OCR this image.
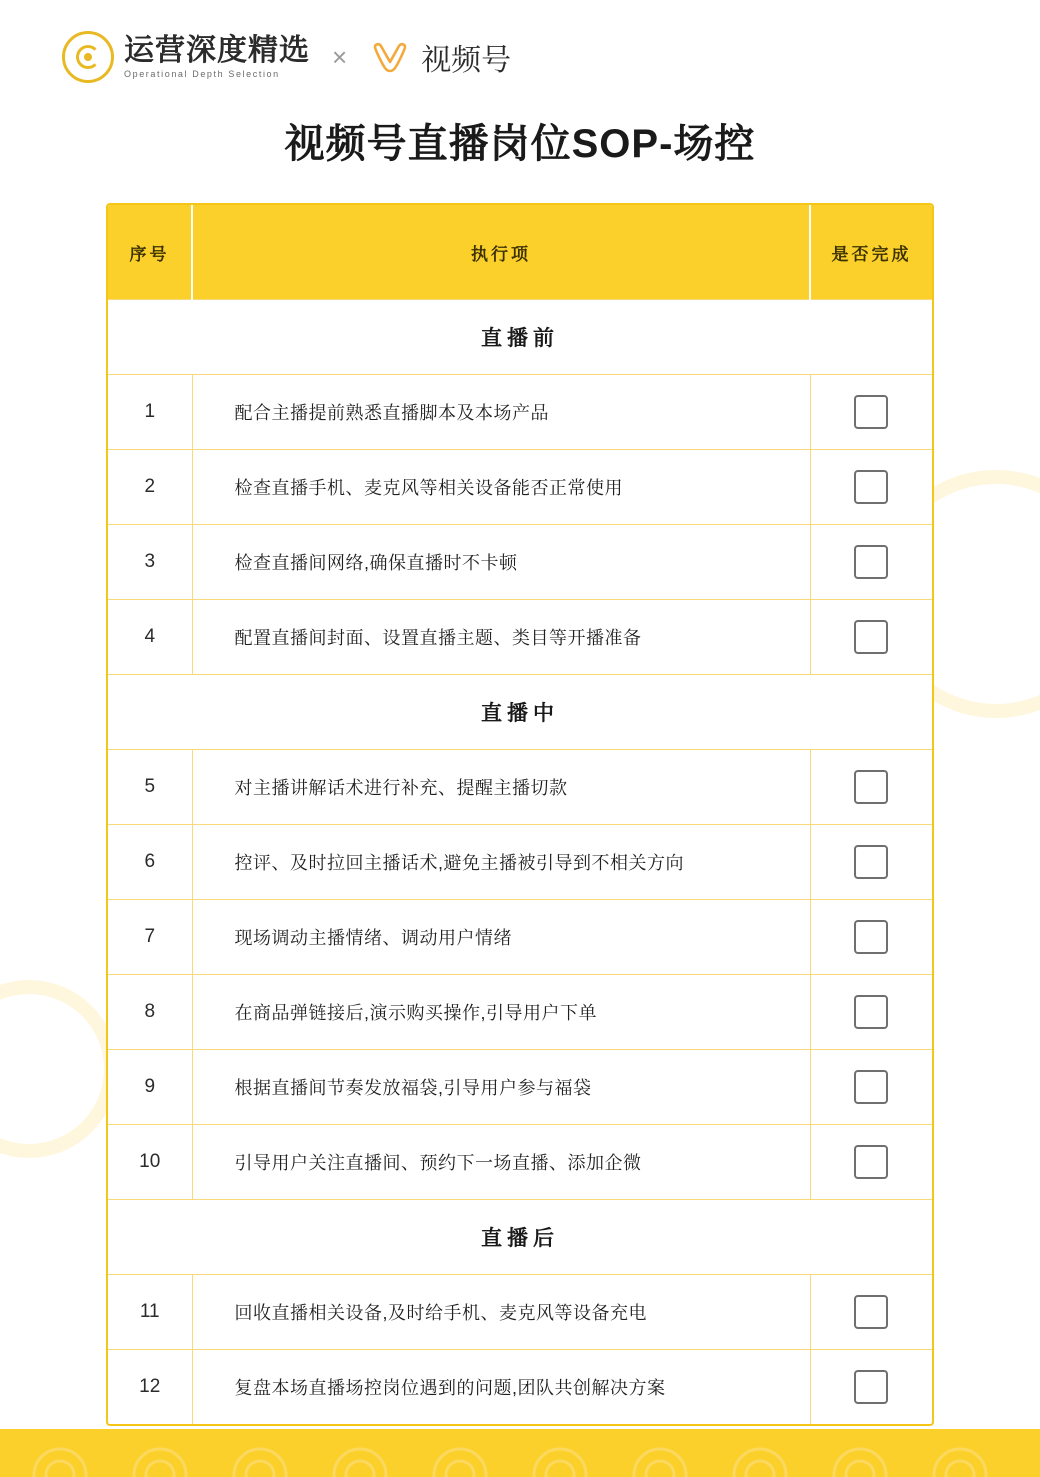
运营深度精选
Operational Depth Selection
× 视频号
视频号直播岗位SOP-场控
序号	执行项	是否完成
直播前		
1	配合主播提前熟悉直播脚本及本场产品	
2	检查直播手机、麦克风等相关设备能否正常使用	
3	检查直播间网络,确保直播时不卡顿	
4	配置直播间封面、设置直播主题、类目等开播准备	
直播中		
5	对主播讲解话术进行补充、提醒主播切款	
6	控评、及时拉回主播话术,避免主播被引导到不相关方向	
7	现场调动主播情绪、调动用户情绪	
8	在商品弹链接后,演示购买操作,引导用户下单	
9	根据直播间节奏发放福袋,引导用户参与福袋	
10	引导用户关注直播间、预约下一场直播、添加企微	
直播后		
11	回收直播相关设备,及时给手机、麦克风等设备充电	
12	复盘本场直播场控岗位遇到的问题,团队共创解决方案	
